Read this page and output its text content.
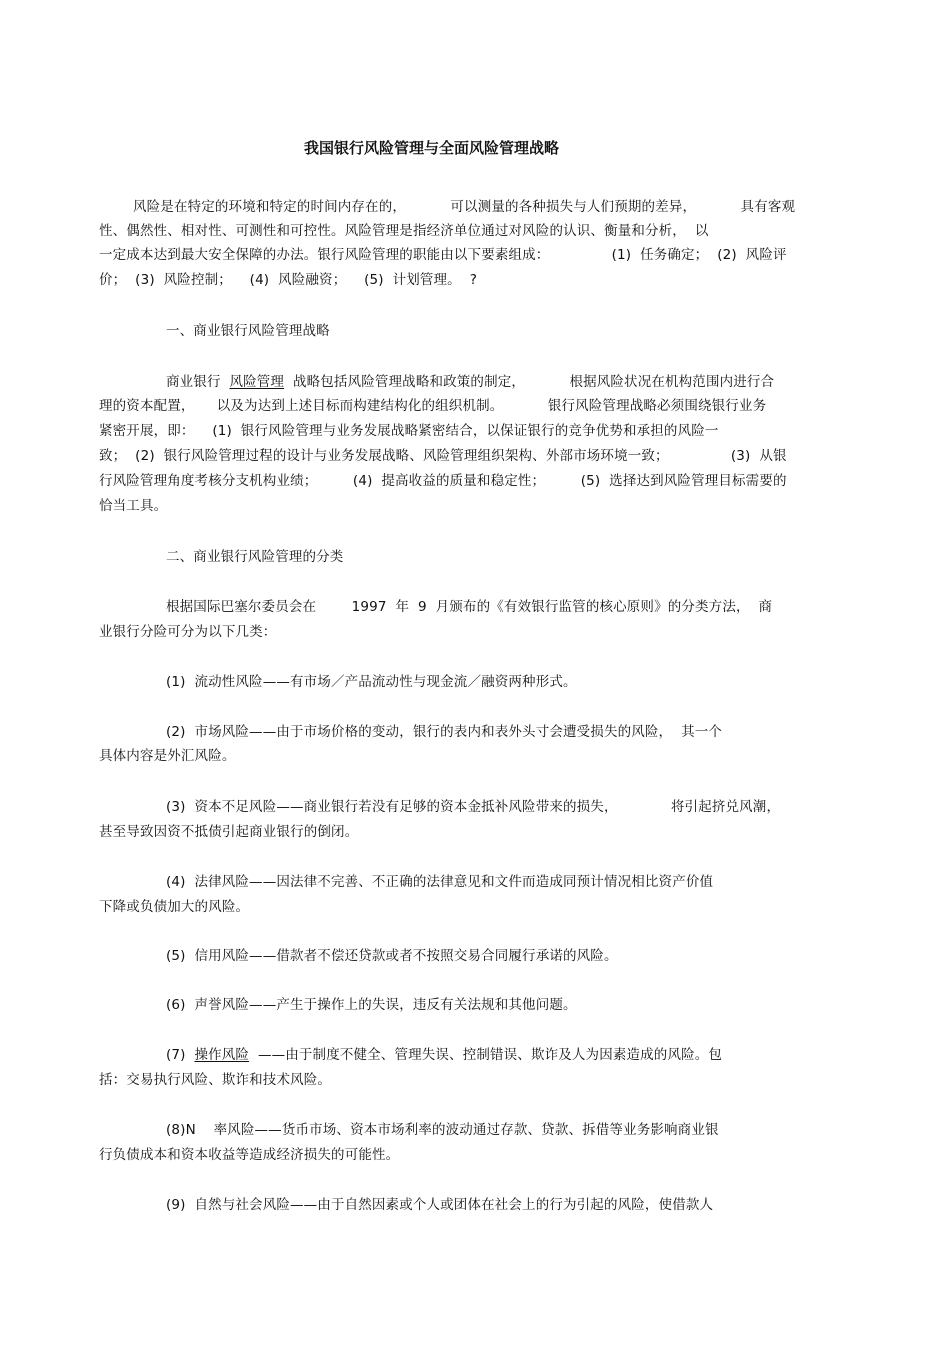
我国银行风险管理与全面风险管理战略
风险是在特定的环境和特定的时间内存在的，          可以测量的各种损失与人们预期的差异，          具有客观
性、偶然性、相对性、可测性和可控性。风险管理是指经济单位通过对风险的认识、衡量和分析，  以
一定成本达到最大安全保障的办法。银行风险管理的职能由以下要素组成：              (1)  任务确定；  (2)  风险评
价；  (3)  风险控制；    (4)  风险融资；    (5)  计划管理。  ?
一、商业银行风险管理战略
商业银行  风险管理  战略包括风险管理战略和政策的制定，          根据风险状况在机构范围内进行合
理的资本配置，     以及为达到上述目标而构建结构化的组织机制。          银行风险管理战略必须围绕银行业务
紧密开展，即：    (1)  银行风险管理与业务发展战略紧密结合，以保证银行的竞争优势和承担的风险一
致；  (2)  银行风险管理过程的设计与业务发展战略、风险管理组织架构、外部市场环境一致；              (3)  从银
行风险管理角度考核分支机构业绩；        (4)  提高收益的质量和稳定性；        (5)  选择达到风险管理目标需要的
恰当工具。
二、商业银行风险管理的分类
根据国际巴塞尔委员会在        1997  年  9  月颁布的《有效银行监管的核心原则》的分类方法，  商
业银行分险可分为以下几类：
(1)  流动性风险——有市场／产品流动性与现金流／融资两种形式。
(2)  市场风险——由于市场价格的变动，银行的表内和表外头寸会遭受损失的风险，  其一个
具体内容是外汇风险。
(3)  资本不足风险——商业银行若没有足够的资本金抵补风险带来的损失，            将引起挤兑风潮，
甚至导致因资不抵债引起商业银行的倒闭。
(4)  法律风险——因法律不完善、不正确的法律意见和文件而造成同预计情况相比资产价值
下降或负债加大的风险。
(5)  信用风险——借款者不偿还贷款或者不按照交易合同履行承诺的风险。
(6)  声誉风险——产生于操作上的失误，违反有关法规和其他问题。
(7)  操作风险  ——由于制度不健全、管理失误、控制错误、欺诈及人为因素造成的风险。包
括：交易执行风险、欺诈和技术风险。
(8)N    率风险——货币市场、资本市场利率的波动通过存款、贷款、拆借等业务影响商业银
行负债成本和资本收益等造成经济损失的可能性。
(9)  自然与社会风险——由于自然因素或个人或团体在社会上的行为引起的风险，使借款人
